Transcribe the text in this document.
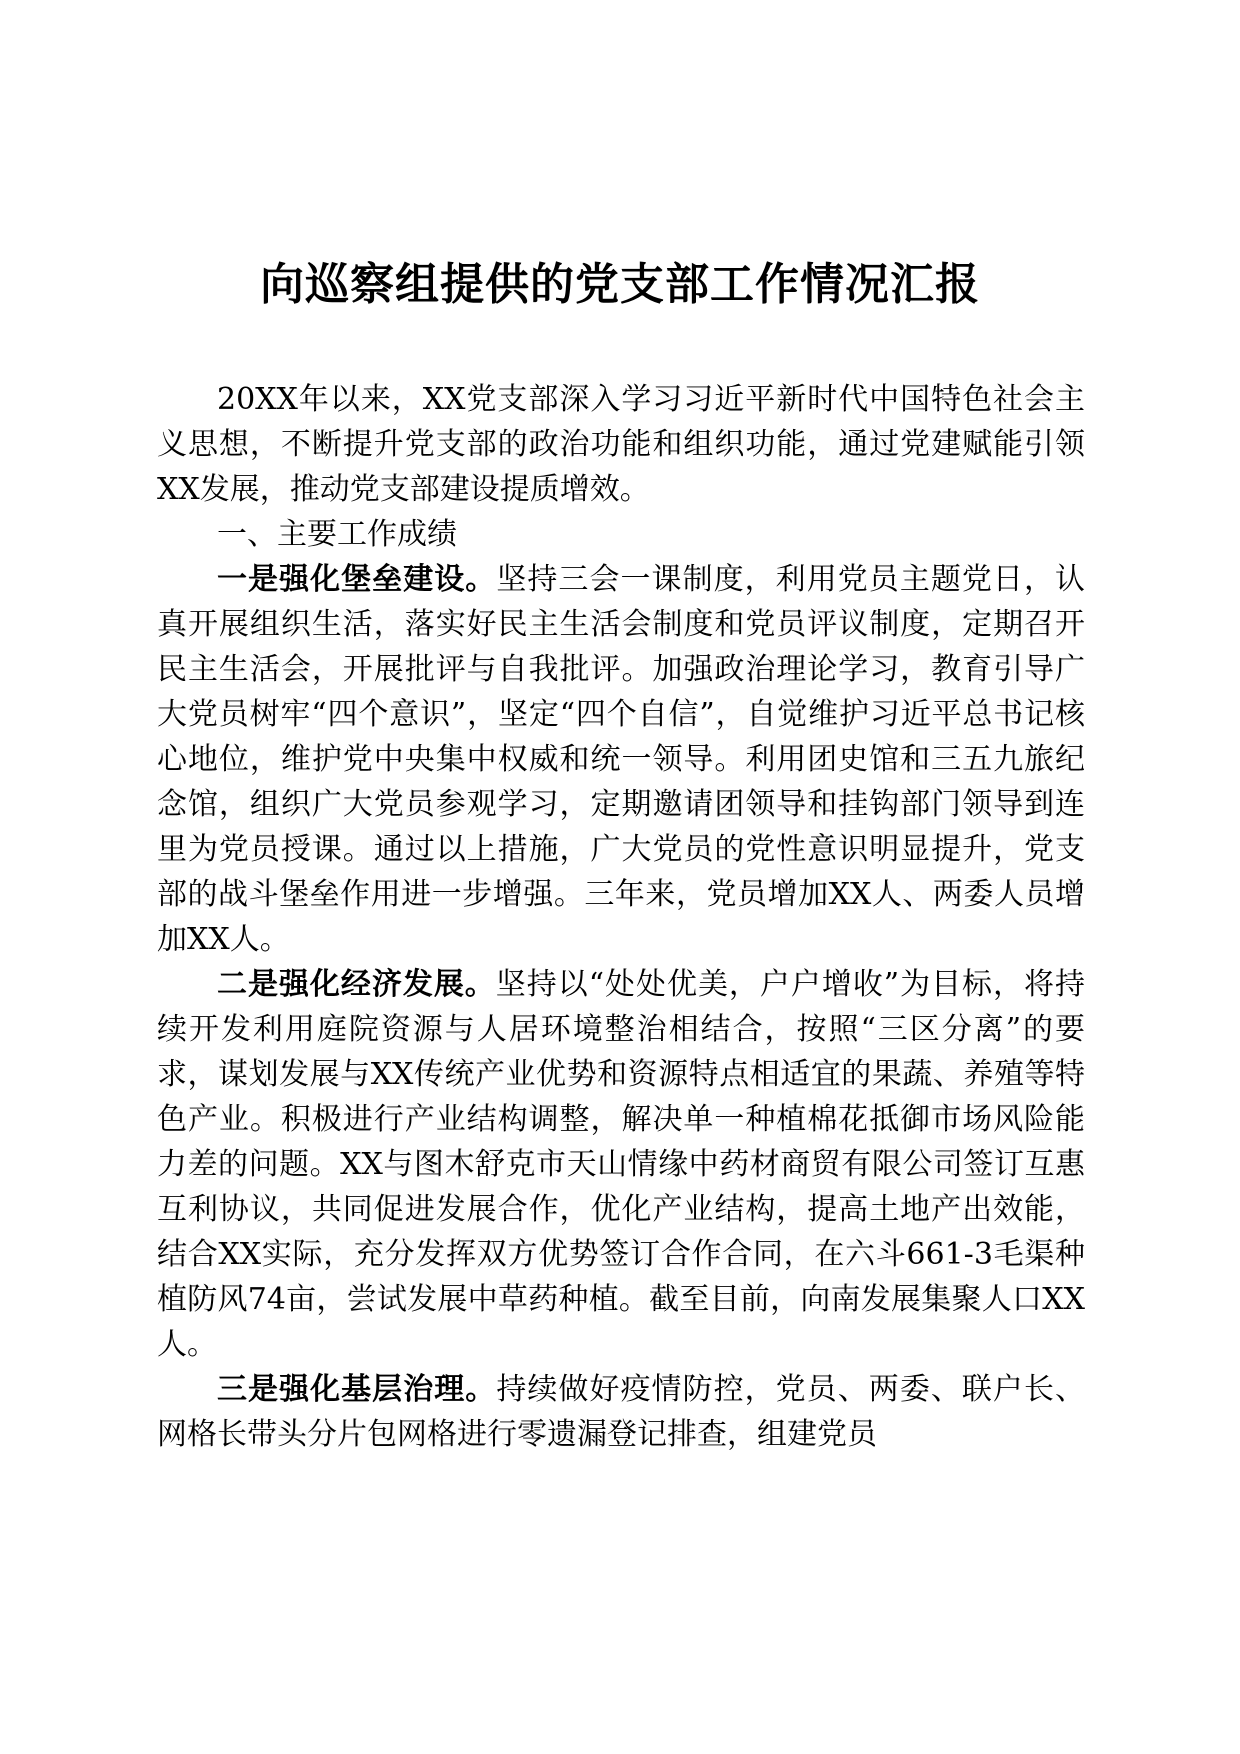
向巡察组提供的党支部工作情况汇报

20XX年以来，XX党支部深入学习习近平新时代中国特色社会主义思想，不断提升党支部的政治功能和组织功能，通过党建赋能引领XX发展，推动党支部建设提质增效。

一、主要工作成绩

一是强化堡垒建设。坚持三会一课制度，利用党员主题党日，认真开展组织生活，落实好民主生活会制度和党员评议制度，定期召开民主生活会，开展批评与自我批评。加强政治理论学习，教育引导广大党员树牢“四个意识”，坚定“四个自信”，自觉维护习近平总书记核心地位，维护党中央集中权威和统一领导。利用团史馆和三五九旅纪念馆，组织广大党员参观学习，定期邀请团领导和挂钩部门领导到连里为党员授课。通过以上措施，广大党员的党性意识明显提升，党支部的战斗堡垒作用进一步增强。三年来，党员增加XX人、两委人员增加XX人。

二是强化经济发展。坚持以“处处优美，户户增收”为目标，将持续开发利用庭院资源与人居环境整治相结合，按照“三区分离”的要求，谋划发展与XX传统产业优势和资源特点相适宜的果蔬、养殖等特色产业。积极进行产业结构调整，解决单一种植棉花抵御市场风险能力差的问题。XX与图木舒克市天山情缘中药材商贸有限公司签订互惠互利协议，共同促进发展合作，优化产业结构，提高土地产出效能，结合XX实际，充分发挥双方优势签订合作合同，在六斗661-3毛渠种植防风74亩，尝试发展中草药种植。截至目前，向南发展集聚人口XX人。

三是强化基层治理。持续做好疫情防控，党员、两委、联户长、网格长带头分片包网格进行零遗漏登记排查，组建党员
